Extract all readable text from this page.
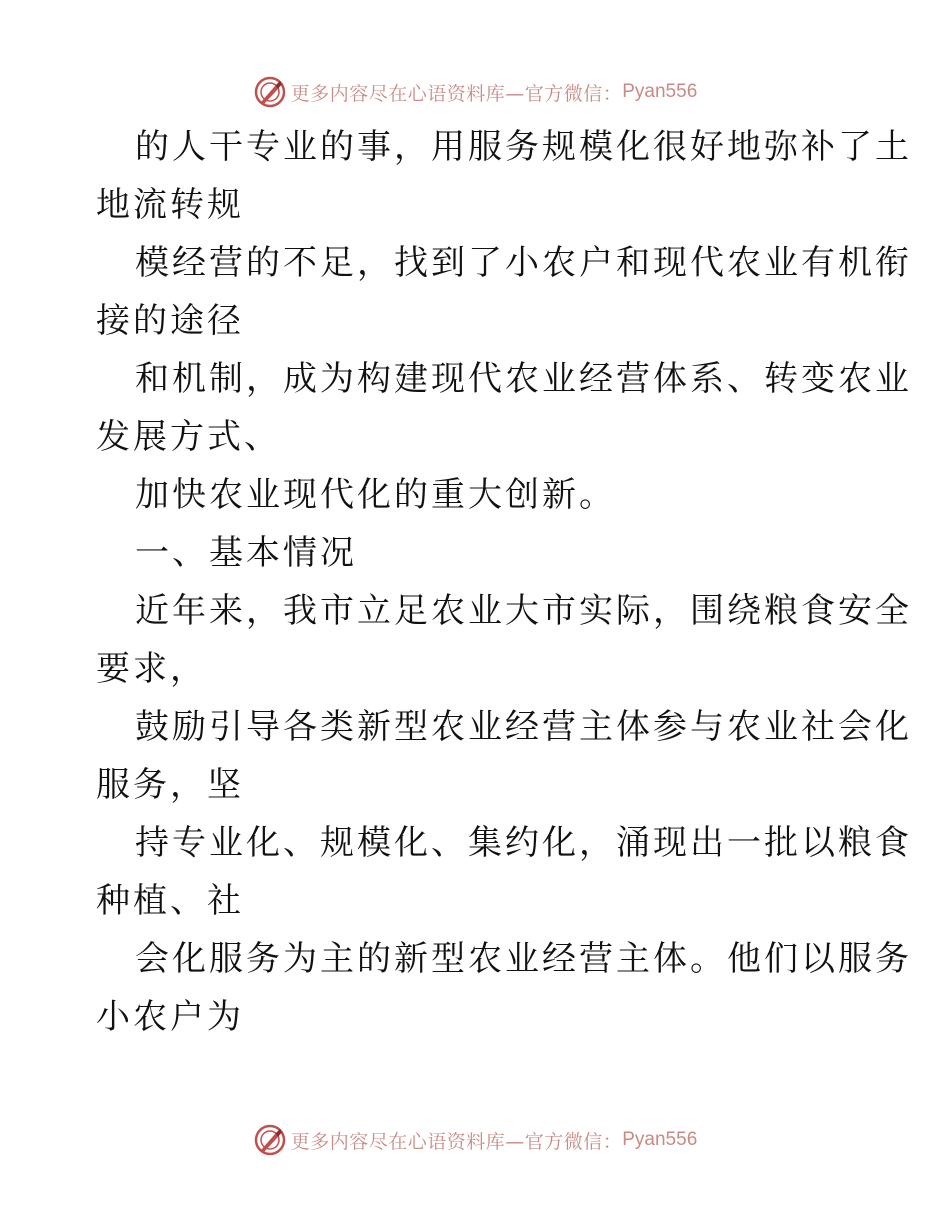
更多内容尽在心语资料库—官方微信： Pyan556

的人干专业的事，用服务规模化很好地弥补了土
地流转规

模经营的不足，找到了小农户和现代农业有机衔
接的途径

和机制，成为构建现代农业经营体系、转变农业
发展方式、

加快农业现代化的重大创新。

一、基本情况

近年来，我市立足农业大市实际，围绕粮食安全
要求，

鼓励引导各类新型农业经营主体参与农业社会化
服务，坚

持专业化、规模化、集约化，涌现出一批以粮食
种植、社

会化服务为主的新型农业经营主体。他们以服务
小农户为

更多内容尽在心语资料库—官方微信： Pyan556
